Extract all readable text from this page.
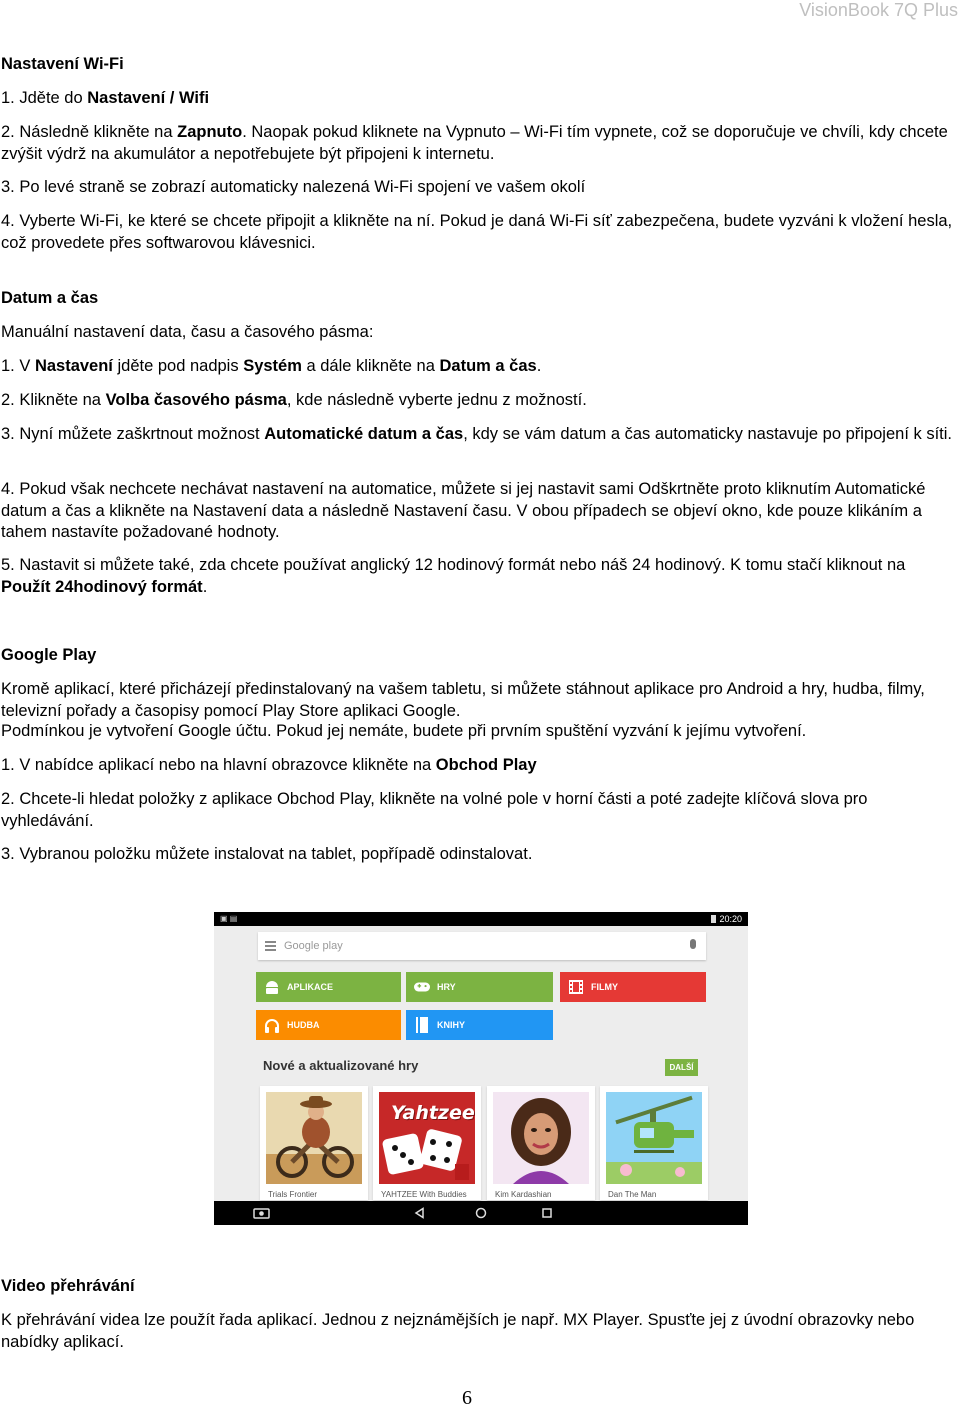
VisionBook 7Q Plus

Nastavení Wi-Fi

1. Jděte do Nastavení / Wifi

2. Následně klikněte na Zapnuto. Naopak pokud kliknete na Vypnuto – Wi-Fi tím vypnete, což se doporučuje ve chvíli, kdy chcete zvýšit výdrž na akumulátor a nepotřebujete být připojeni k internetu.

3. Po levé straně se zobrazí automaticky nalezená Wi-Fi spojení ve vašem okolí

4. Vyberte Wi-Fi, ke které se chcete připojit a klikněte na ní. Pokud je daná Wi-Fi síť zabezpečena, budete vyzváni k vložení hesla, což provedete přes softwarovou klávesnici.

Datum a čas

Manuální nastavení data, času a časového pásma:

1. V Nastavení jděte pod nadpis Systém a dále klikněte na Datum a čas.

2. Klikněte na Volba časového pásma, kde následně vyberte jednu z možností.

3. Nyní můžete zaškrtnout možnost Automatické datum a čas, kdy se vám datum a čas automaticky nastavuje po připojení k síti.

4. Pokud však nechcete nechávat nastavení na automatice, můžete si jej nastavit sami Odškrtněte proto kliknutím Automatické datum a čas a klikněte na Nastavení data a následně Nastavení času. V obou případech se objeví okno, kde pouze klikáním a tahem nastavíte požadované hodnoty.

5. Nastavit si můžete také, zda chcete používat anglický 12 hodinový formát nebo náš 24 hodinový. K tomu stačí kliknout na Použít 24hodinový formát.

Google Play

Kromě aplikací, které přicházejí předinstalovaný na vašem tabletu, si můžete stáhnout aplikace pro Android a hry, hudba, filmy, televizní pořady a časopisy pomocí Play Store aplikaci Google.

Podmínkou je vytvoření Google účtu. Pokud jej nemáte, budete při prvním spuštění vyzvání k jejímu vytvoření.

1. V nabídce aplikací nebo na hlavní obrazovce klikněte na Obchod Play

2. Chcete-li hledat položky z aplikace Obchod Play, klikněte na volné pole v horní části a poté zadejte klíčová slova pro vyhledávání.

3. Vybranou položku můžete instalovat na tablet, popřípadě odinstalovat.

▣ ▤	20:20
Google play
APLIKACE	HRY	FILMY
HUDBA	KNIHY
Nové a aktualizované hry	DALŠÍ
Trials Frontier
Yahtzee
YAHTZEE With Buddies	Kim Kardashian	Dan The Man

Video přehrávání

K přehrávání videa lze použít řada aplikací. Jednou z nejznámějších je např. MX Player. Spusťte jej z úvodní obrazovky nebo nabídky aplikací.

6
